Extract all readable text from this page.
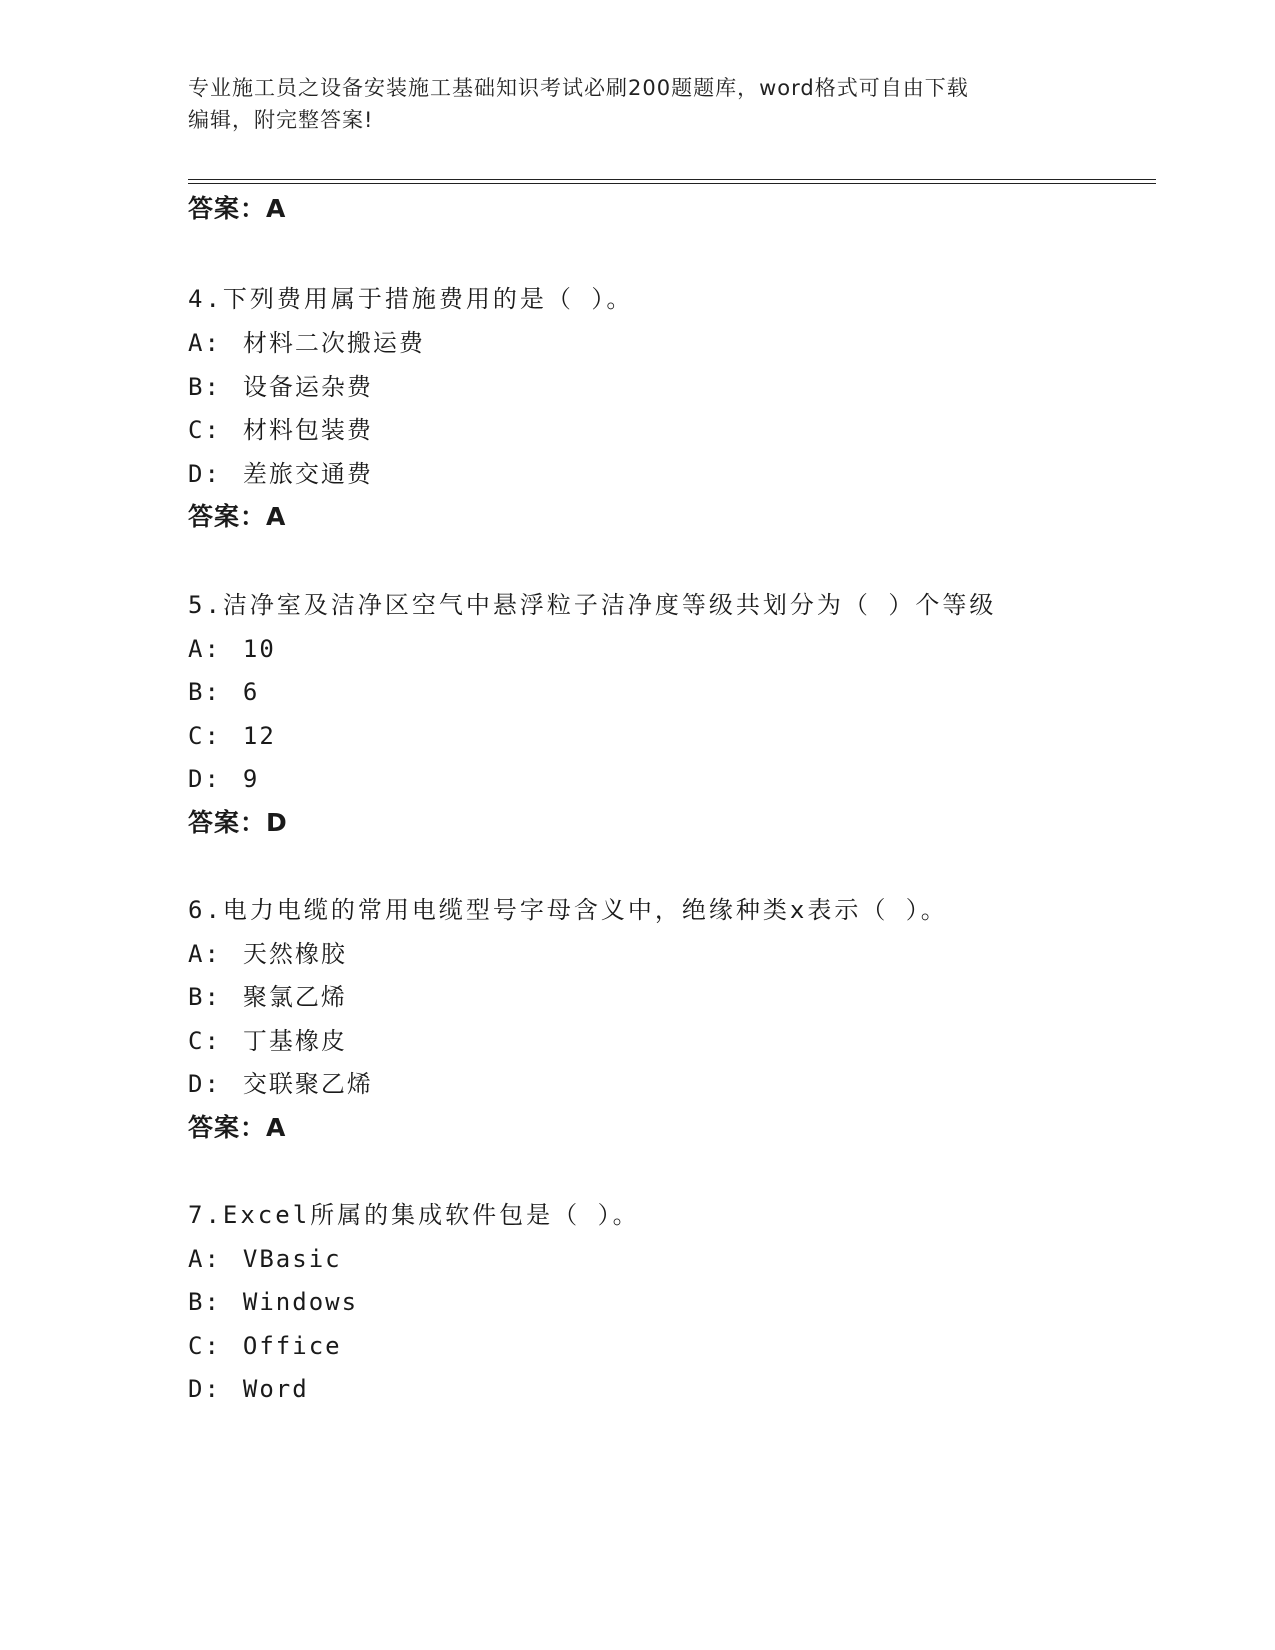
专业施工员之设备安装施工基础知识考试必刷200题题库，word格式可自由下载
编辑，附完整答案!
答案：A
4.下列费用属于措施费用的是（ ）。
A: 材料二次搬运费
B: 设备运杂费
C: 材料包装费
D: 差旅交通费
答案：A
5.洁净室及洁净区空气中悬浮粒子洁净度等级共划分为（ ）个等级
A: 10
B: 6
C: 12
D: 9
答案：D
6.电力电缆的常用电缆型号字母含义中，绝缘种类x表示（ ）。
A: 天然橡胶
B: 聚氯乙烯
C: 丁基橡皮
D: 交联聚乙烯
答案：A
7.Excel所属的集成软件包是（ ）。
A: VBasic
B: Windows
C: Office
D: Word
